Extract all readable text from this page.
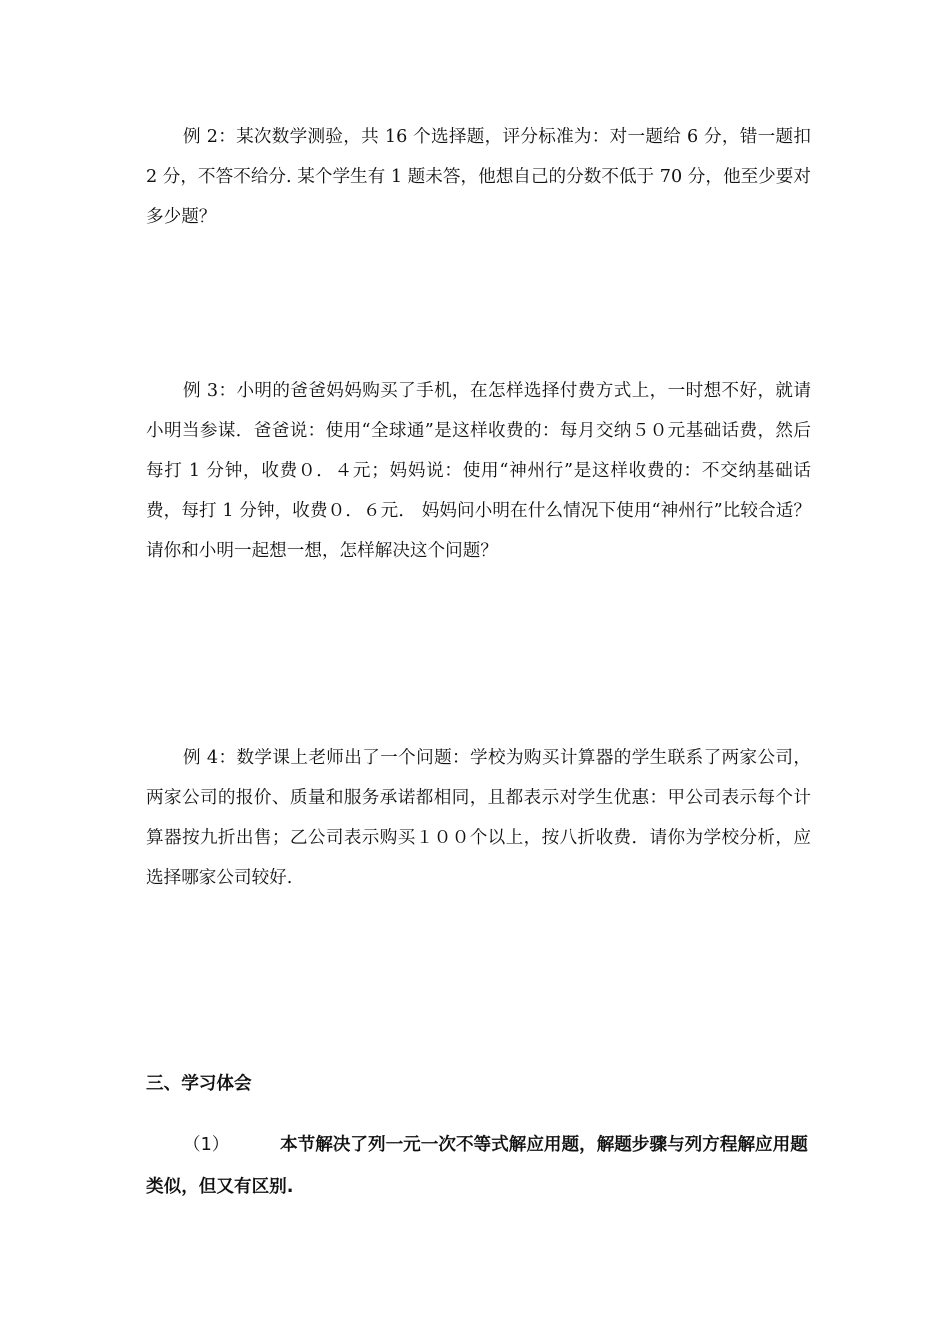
例 2：某次数学测验，共 16 个选择题，评分标准为：对一题给 6 分，错一题扣 2 分，不答不给分. 某个学生有 1 题未答，他想自己的分数不低于 70 分，他至少要对多少题？

例 3：小明的爸爸妈妈购买了手机，在怎样选择付费方式上，一时想不好，就请小明当参谋．爸爸说：使用“全球通”是这样收费的：每月交纳５０元基础话费，然后每打 1 分钟，收费０．４元；妈妈说：使用“神州行”是这样收费的：不交纳基础话费，每打 1 分钟，收费０．６元． 妈妈问小明在什么情况下使用“神州行”比较合适？请你和小明一起想一想，怎样解决这个问题？

例 4：数学课上老师出了一个问题：学校为购买计算器的学生联系了两家公司，两家公司的报价、质量和服务承诺都相同，且都表示对学生优惠：甲公司表示每个计算器按九折出售；乙公司表示购买１００个以上，按八折收费．请你为学校分析，应选择哪家公司较好.

三、学习体会

（1）	本节解决了列一元一次不等式解应用题，解题步骤与列方程解应用题类似，但又有区别.
